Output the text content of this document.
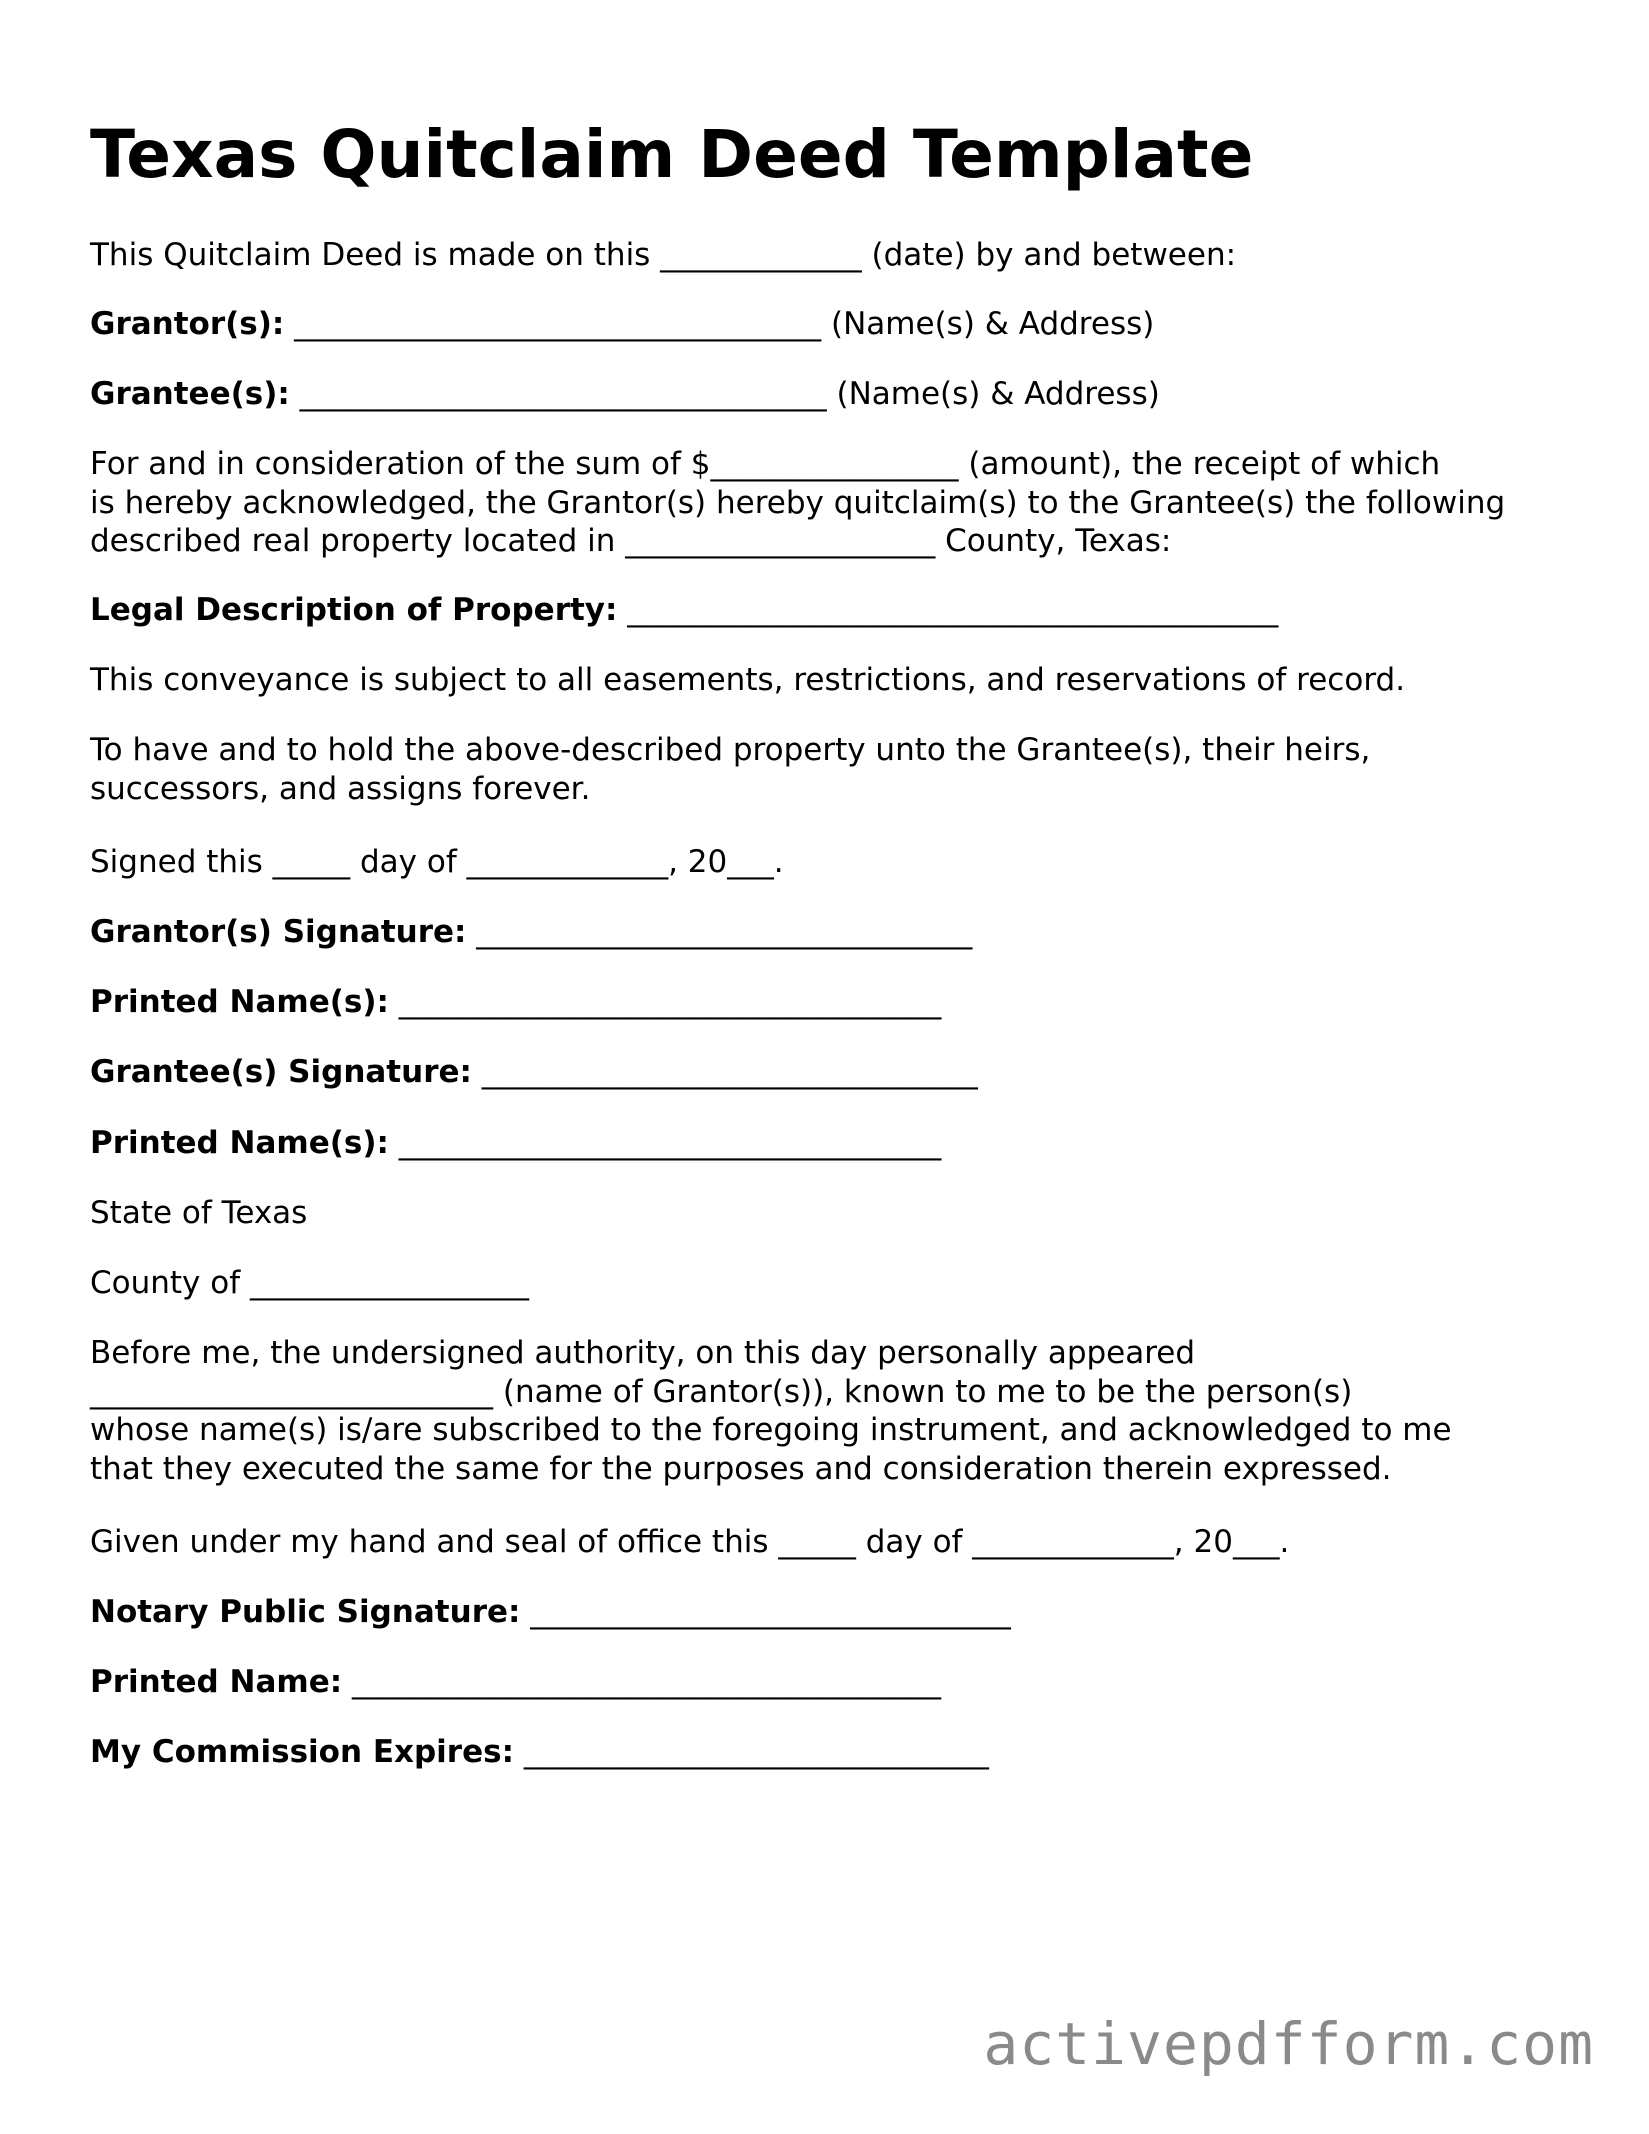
Texas Quitclaim Deed Template

This Quitclaim Deed is made on this _____________ (date) by and between:

Grantor(s): __________________________________ (Name(s) & Address)

Grantee(s): __________________________________ (Name(s) & Address)

For and in consideration of the sum of $________________ (amount), the receipt of which
is hereby acknowledged, the Grantor(s) hereby quitclaim(s) to the Grantee(s) the following
described real property located in ____________________ County, Texas:

Legal Description of Property: __________________________________________

This conveyance is subject to all easements, restrictions, and reservations of record.

To have and to hold the above-described property unto the Grantee(s), their heirs,
successors, and assigns forever.

Signed this _____ day of _____________, 20___.

Grantor(s) Signature: ________________________________

Printed Name(s): ___________________________________

Grantee(s) Signature: ________________________________

Printed Name(s): ___________________________________

State of Texas

County of __________________

Before me, the undersigned authority, on this day personally appeared
__________________________ (name of Grantor(s)), known to me to be the person(s)
whose name(s) is/are subscribed to the foregoing instrument, and acknowledged to me
that they executed the same for the purposes and consideration therein expressed.

Given under my hand and seal of office this _____ day of _____________, 20___.

Notary Public Signature: _______________________________

Printed Name: ______________________________________

My Commission Expires: ______________________________

activepdfform.com
